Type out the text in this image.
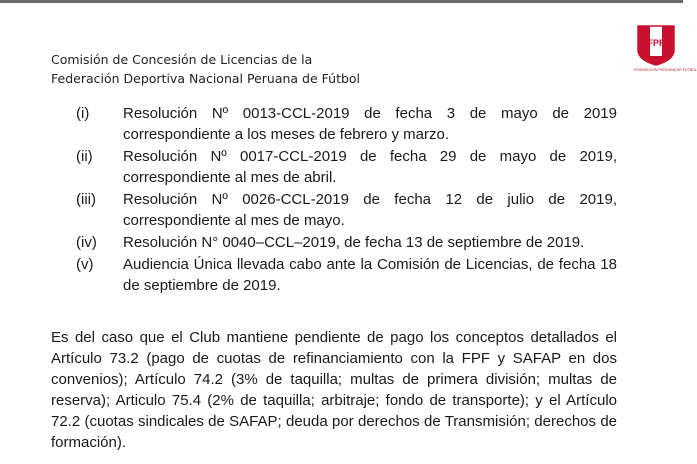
Comisión de Concesión de Licencias de la
Federación Deportiva Nacional Peruana de Fútbol
FPF
FEDERACIÓN PERUANA DE FÚTBOL
(i)	Resolución Nº 0013-CCL-2019 de fecha 3 de mayo de 2019 correspondiente a los meses de febrero y marzo.
(ii)	Resolución Nº 0017-CCL-2019 de fecha 29 de mayo de 2019, correspondiente al mes de abril.
(iii)	Resolución Nº 0026-CCL-2019 de fecha 12 de julio de 2019, correspondiente al mes de mayo.
(iv)	Resolución N° 0040–CCL–2019, de fecha 13 de septiembre de 2019.
(v)	Audiencia Única llevada cabo ante la Comisión de Licencias, de fecha 18 de septiembre de 2019.

Es del caso que el Club mantiene pendiente de pago los conceptos detallados el Artículo 73.2 (pago de cuotas de refinanciamiento con la FPF y SAFAP en dos convenios); Artículo 74.2 (3% de taquilla; multas de primera división; multas de reserva); Articulo 75.4 (2% de taquilla; arbitraje; fondo de transporte); y el Artículo 72.2 (cuotas sindicales de SAFAP; deuda por derechos de Transmisión; derechos de formación).
